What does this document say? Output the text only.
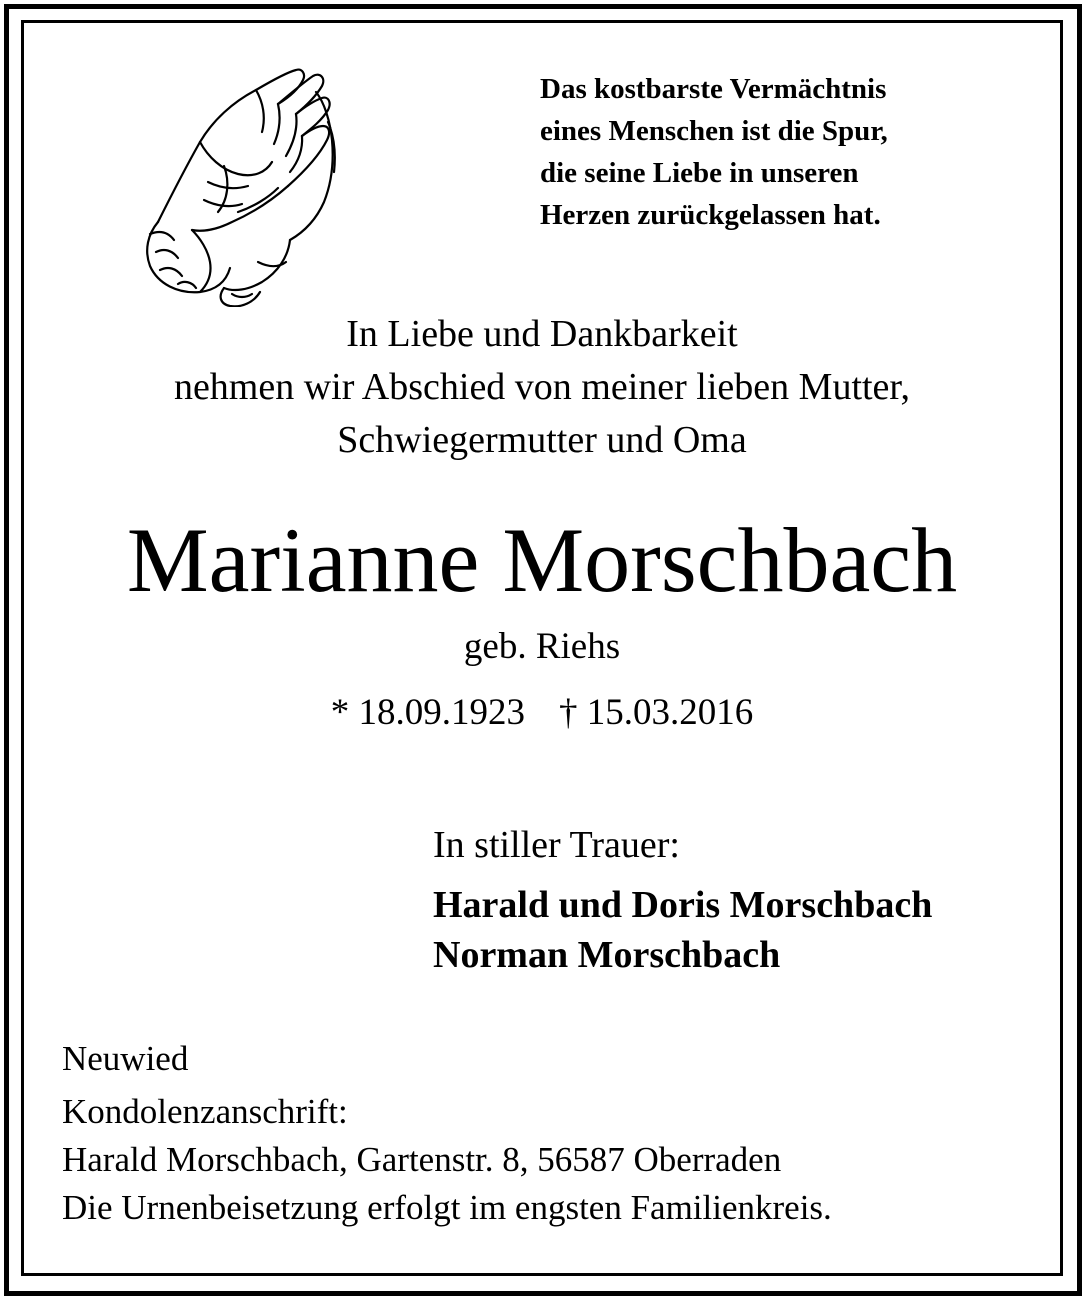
Das kostbarste Vermächtnis
eines Menschen ist die Spur,
die seine Liebe in unseren
Herzen zurückgelassen hat.
In Liebe und Dankbarkeit
nehmen wir Abschied von meiner lieben Mutter,
Schwiegermutter und Oma
Marianne Morschbach
geb. Riehs
* 18.09.1923 † 15.03.2016
In stiller Trauer:
Harald und Doris Morschbach
Norman Morschbach
Neuwied
Kondolenzanschrift:
Harald Morschbach, Gartenstr. 8, 56587 Oberraden
Die Urnenbeisetzung erfolgt im engsten Familienkreis.
